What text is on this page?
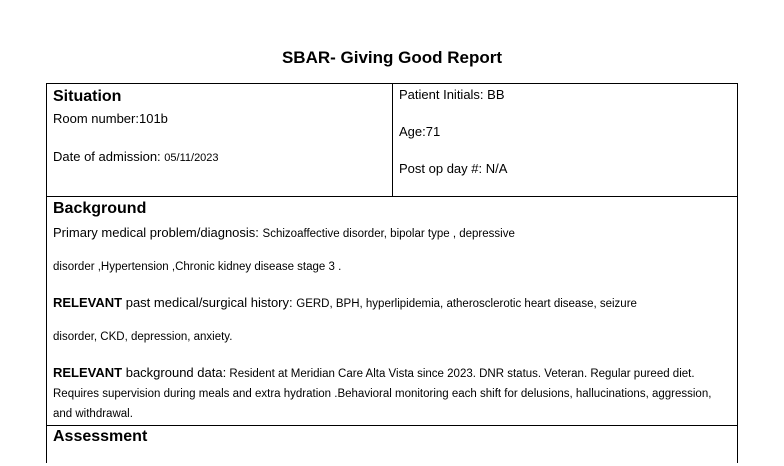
SBAR- Giving Good Report
Situation
Room number:101b
Date of admission: 05/11/2023
Patient Initials: BB
Age:71
Post op day #: N/A
Background
Primary medical problem/diagnosis: Schizoaffective disorder, bipolar type , depressive
disorder ,Hypertension ,Chronic kidney disease stage 3 .
RELEVANT past medical/surgical history: GERD, BPH, hyperlipidemia, atherosclerotic heart disease, seizure
disorder, CKD, depression, anxiety.
RELEVANT background data: Resident at Meridian Care Alta Vista since 2023. DNR status. Veteran. Regular pureed diet. Requires supervision during meals and extra hydration .Behavioral monitoring each shift for delusions, hallucinations, aggression, and withdrawal.
Assessment
